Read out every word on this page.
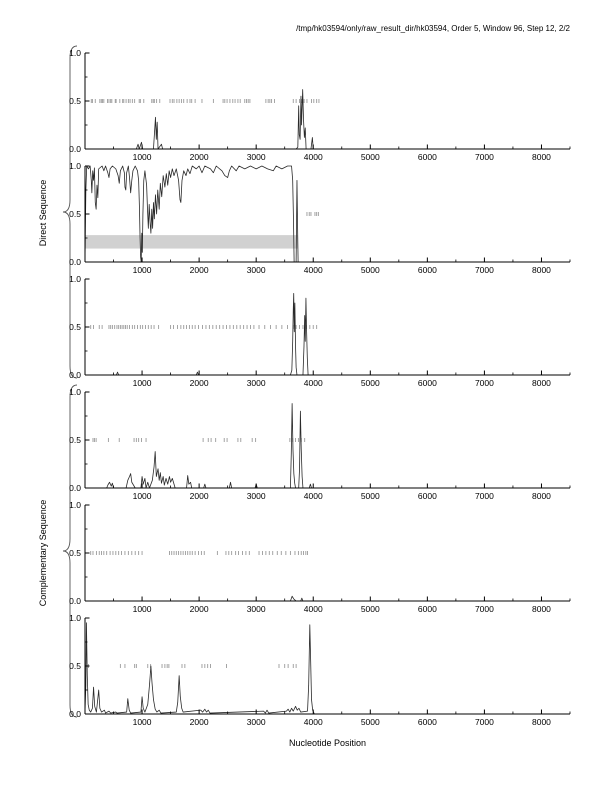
/tmp/hk03594/only/raw_result_dir/hk03594, Order 5, Window 96, Step 12, 2/2
Direct Sequence
Complementary Sequence
1000	2000	3000	4000	5000	6000	7000	8000
0.0
0.5
1.0
1000	2000	3000	4000	5000	6000	7000	8000
0.0
0.5
1.0
1000	2000	3000	4000	5000	6000	7000	8000
0.0
0.5
1.0
1000	2000	3000	4000	5000	6000	7000	8000
0.0
0.5
1.0
1000	2000	3000	4000	5000	6000	7000	8000
0.0
0.5
1.0
1000	2000	3000	4000	5000	6000	7000	8000
0.0
0.5
1.0
Nucleotide Position
